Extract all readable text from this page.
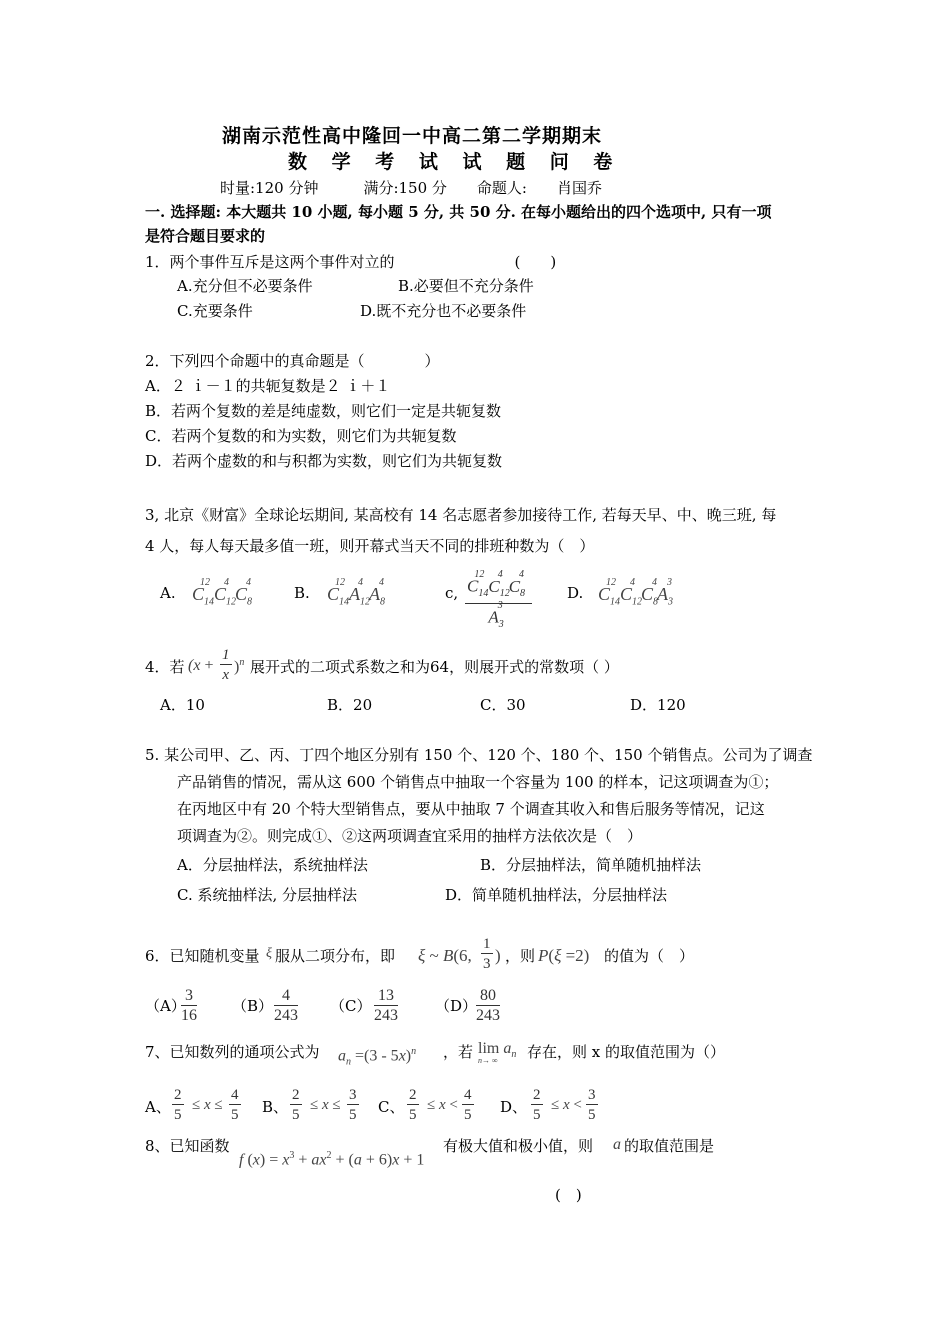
湖南示范性高中隆回一中高二第二学期期末
数 学 考 试 试 题 问 卷
时量:120 分钟　　　满分:150 分　　命题人:　　肖国乔
一. 选择题: 本大题共 10 小题, 每小题 5 分, 共 50 分. 在每小题给出的四个选项中, 只有一项
是符合题目要求的
1．两个事件互斥是这两个事件对立的　　　　　　　　(　　)
A.充分但不必要条件	B.必要但不充分条件
C.充要条件	D.既不充分也不必要条件
2．下列四个命题中的真命题是（　　　　）
A．２ ｉ－１的共轭复数是２ ｉ＋１
B．若两个复数的差是纯虚数，则它们一定是共轭复数
C．若两个复数的和为实数，则它们为共轭复数
D．若两个虚数的和与积都为实数，则它们为共轭复数
3, 北京《财富》全球论坛期间, 某高校有 14 名志愿者参加接待工作, 若每天早、中、晚三班, 每
4 人，每人每天最多值一班，则开幕式当天不同的排班种数为（　）
A. $C_{14}^{12}C_{12}^4C_8^4$
B. $C_{14}^{12}A_{12}^4A_8^4$
c, $\frac{C_{14}^{12}C_{12}^4C_8^4}{A_3^3} D$. $C_{14}^{12}C_{12}^4C_8^4A_3^3$
4．若 $(x + \frac{1}{x} )^n$ 展开式的二项式系数之和为64，则展开式的常数项（ ）
A．10	B．20	C．30	D．120
5. 某公司甲、乙、丙、丁四个地区分别有 150 个、120 个、180 个、150 个销售点。公司为了调查
产品销售的情况，需从这 600 个销售点中抽取一个容量为 100 的样本，记这项调查为①；
在丙地区中有 20 个特大型销售点，要从中抽取 7 个调查其收入和售后服务等情况，记这
项调查为②。则完成①、②这两项调查宜采用的抽样方法依次是（　）
A．分层抽样法，系统抽样法	B．分层抽样法，简单随机抽样法
C. 系统抽样法, 分层抽样法	D．简单随机抽样法，分层抽样法
6．已知随机变量 ξ 服从二项分布，即 ξ ~ B(6, $\frac{1}{3}$ ) ，则 P(ξ =2) 的值为（　）
（A）
$\frac{3}{16} (B) \frac{4}{243} (C) \frac{13}{243} (D)$
$\frac{80}{243}$
7、已知数列的通项公式为 $a_n =(3 - 5x)^n$ ，若 $\lim a_n$
n→ ∞	存在，则 x 的取值范围为（）
A、 $\frac{2}{5} \le x \le \frac{4}{5}$ B、 $\frac{2}{5} \le x \le \frac{3}{5}$ C、 $\frac{2}{5} \le x < \frac{4}{5}$ D、 $\frac{2}{5} \le x < \frac{3}{5}$
8、已知函数
f $(x) = x^3 + ax^2 + (a + 6)x + 1$
有极大值和极小值，则 a 的取值范围是
(　)
